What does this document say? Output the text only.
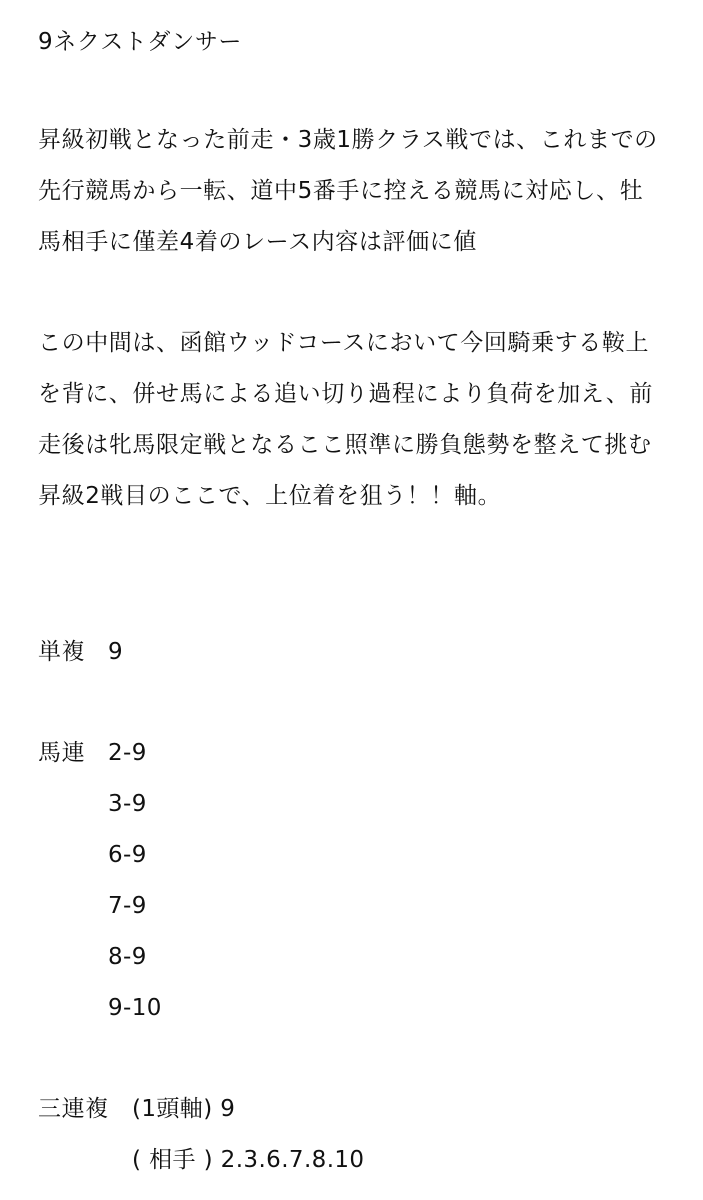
9ネクストダンサー
昇級初戦となった前走・3歳1勝クラス戦では、これまでの
先行競馬から一転、道中5番手に控える競馬に対応し、牡
馬相手に僅差4着のレース内容は評価に値
この中間は、函館ウッドコースにおいて今回騎乗する鞍上
を背に、併せ馬による追い切り過程により負荷を加え、前
走後は牝馬限定戦となるここ照準に勝負態勢を整えて挑む
昇級2戦目のここで、上位着を狙う！！軸。
単複 9
馬連 2-9
3-9
6-9
7-9
8-9
9-10
三連複 (1頭軸) 9
( 相手 ) 2.3.6.7.8.10
